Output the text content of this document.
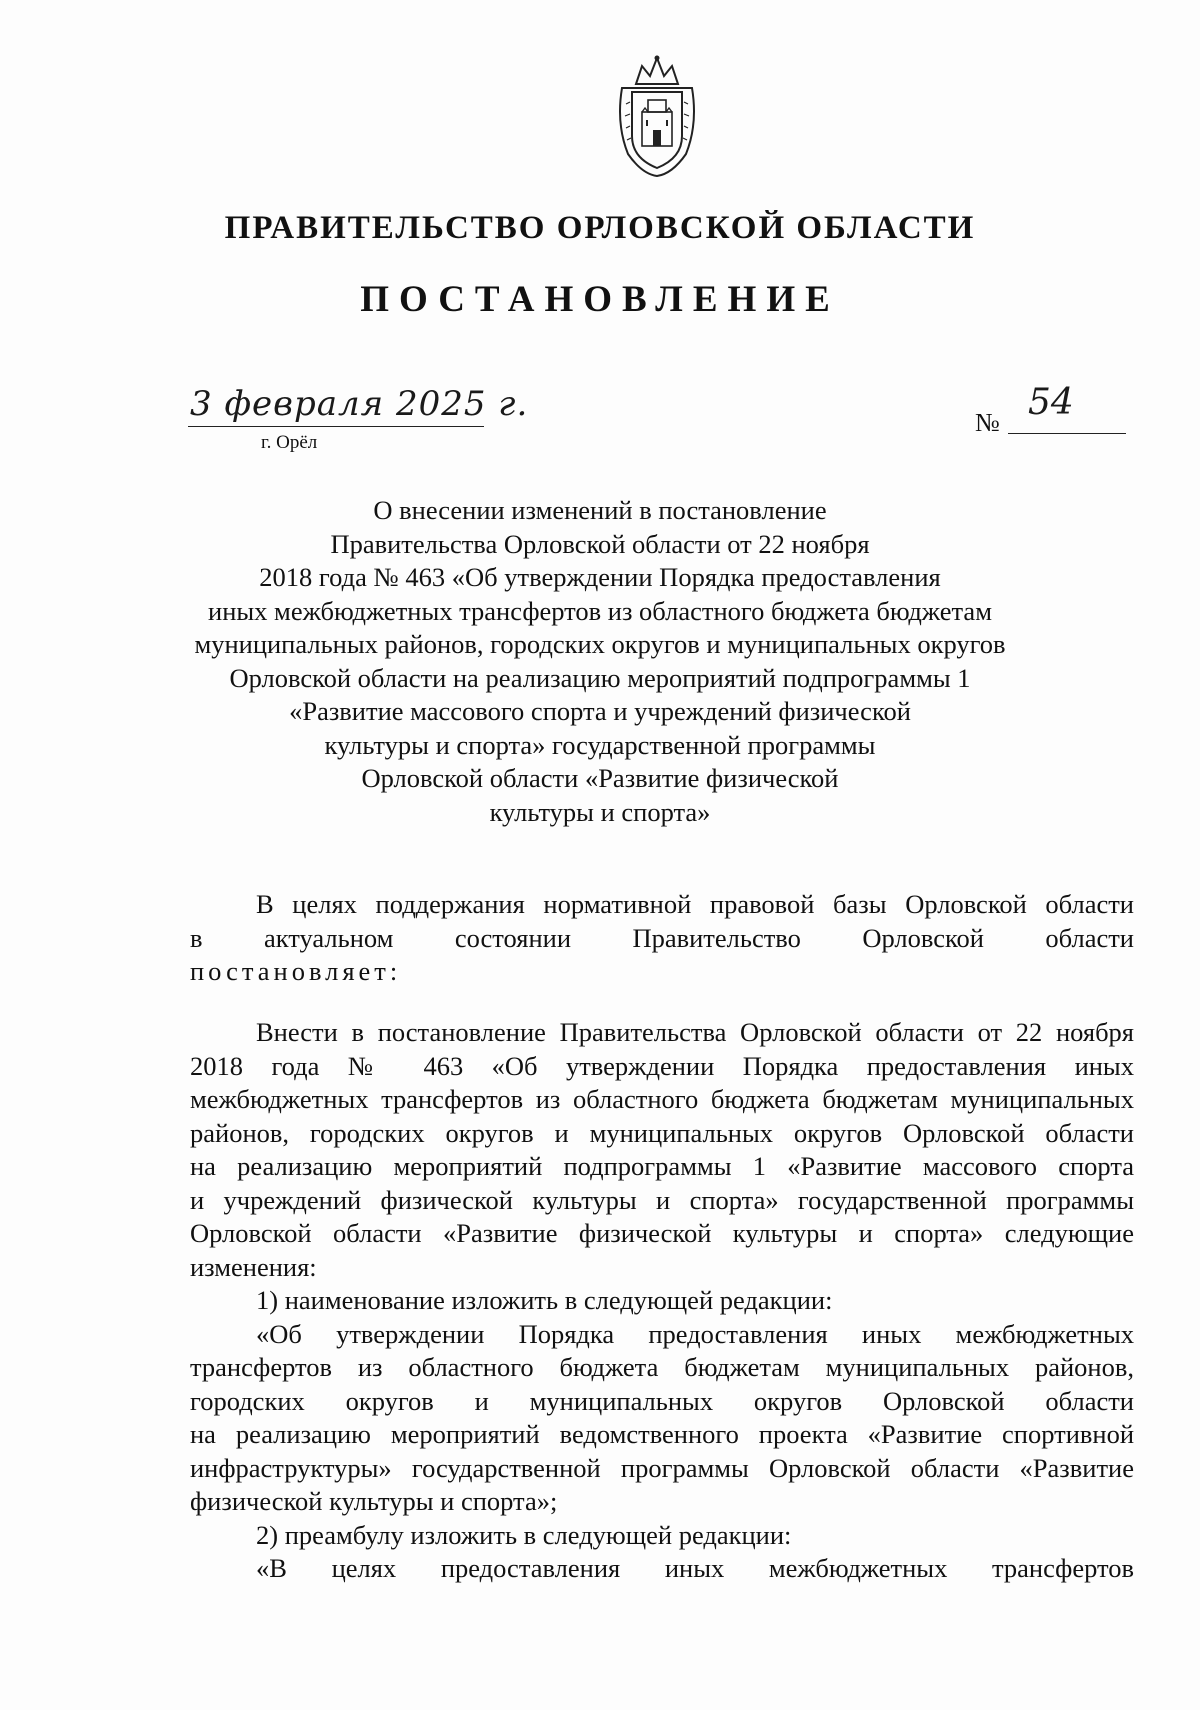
ПРАВИТЕЛЬСТВО ОРЛОВСКОЙ ОБЛАСТИ
ПОСТАНОВЛЕНИЕ
3 февраля 2025 г.
г. Орёл
№ 54
О внесении изменений в постановление
Правительства Орловской области от 22 ноября
2018 года № 463 «Об утверждении Порядка предоставления
иных межбюджетных трансфертов из областного бюджета бюджетам
муниципальных районов, городских округов и муниципальных округов
Орловской области на реализацию мероприятий подпрограммы 1
«Развитие массового спорта и учреждений физической
культуры и спорта» государственной программы
Орловской области «Развитие физической
культуры и спорта»
В целях поддержания нормативной правовой базы Орловской области
в актуальном состоянии Правительство Орловской области
постановляет:
Внести в постановление Правительства Орловской области от 22 ноября
2018 года № 463 «Об утверждении Порядка предоставления иных
межбюджетных трансфертов из областного бюджета бюджетам муниципальных
районов, городских округов и муниципальных округов Орловской области
на реализацию мероприятий подпрограммы 1 «Развитие массового спорта
и учреждений физической культуры и спорта» государственной программы
Орловской области «Развитие физической культуры и спорта» следующие
изменения:
1) наименование изложить в следующей редакции:
«Об утверждении Порядка предоставления иных межбюджетных
трансфертов из областного бюджета бюджетам муниципальных районов,
городских округов и муниципальных округов Орловской области
на реализацию мероприятий ведомственного проекта «Развитие спортивной
инфраструктуры» государственной программы Орловской области «Развитие
физической культуры и спорта»;
2) преамбулу изложить в следующей редакции:
«В целях предоставления иных межбюджетных трансфертов
